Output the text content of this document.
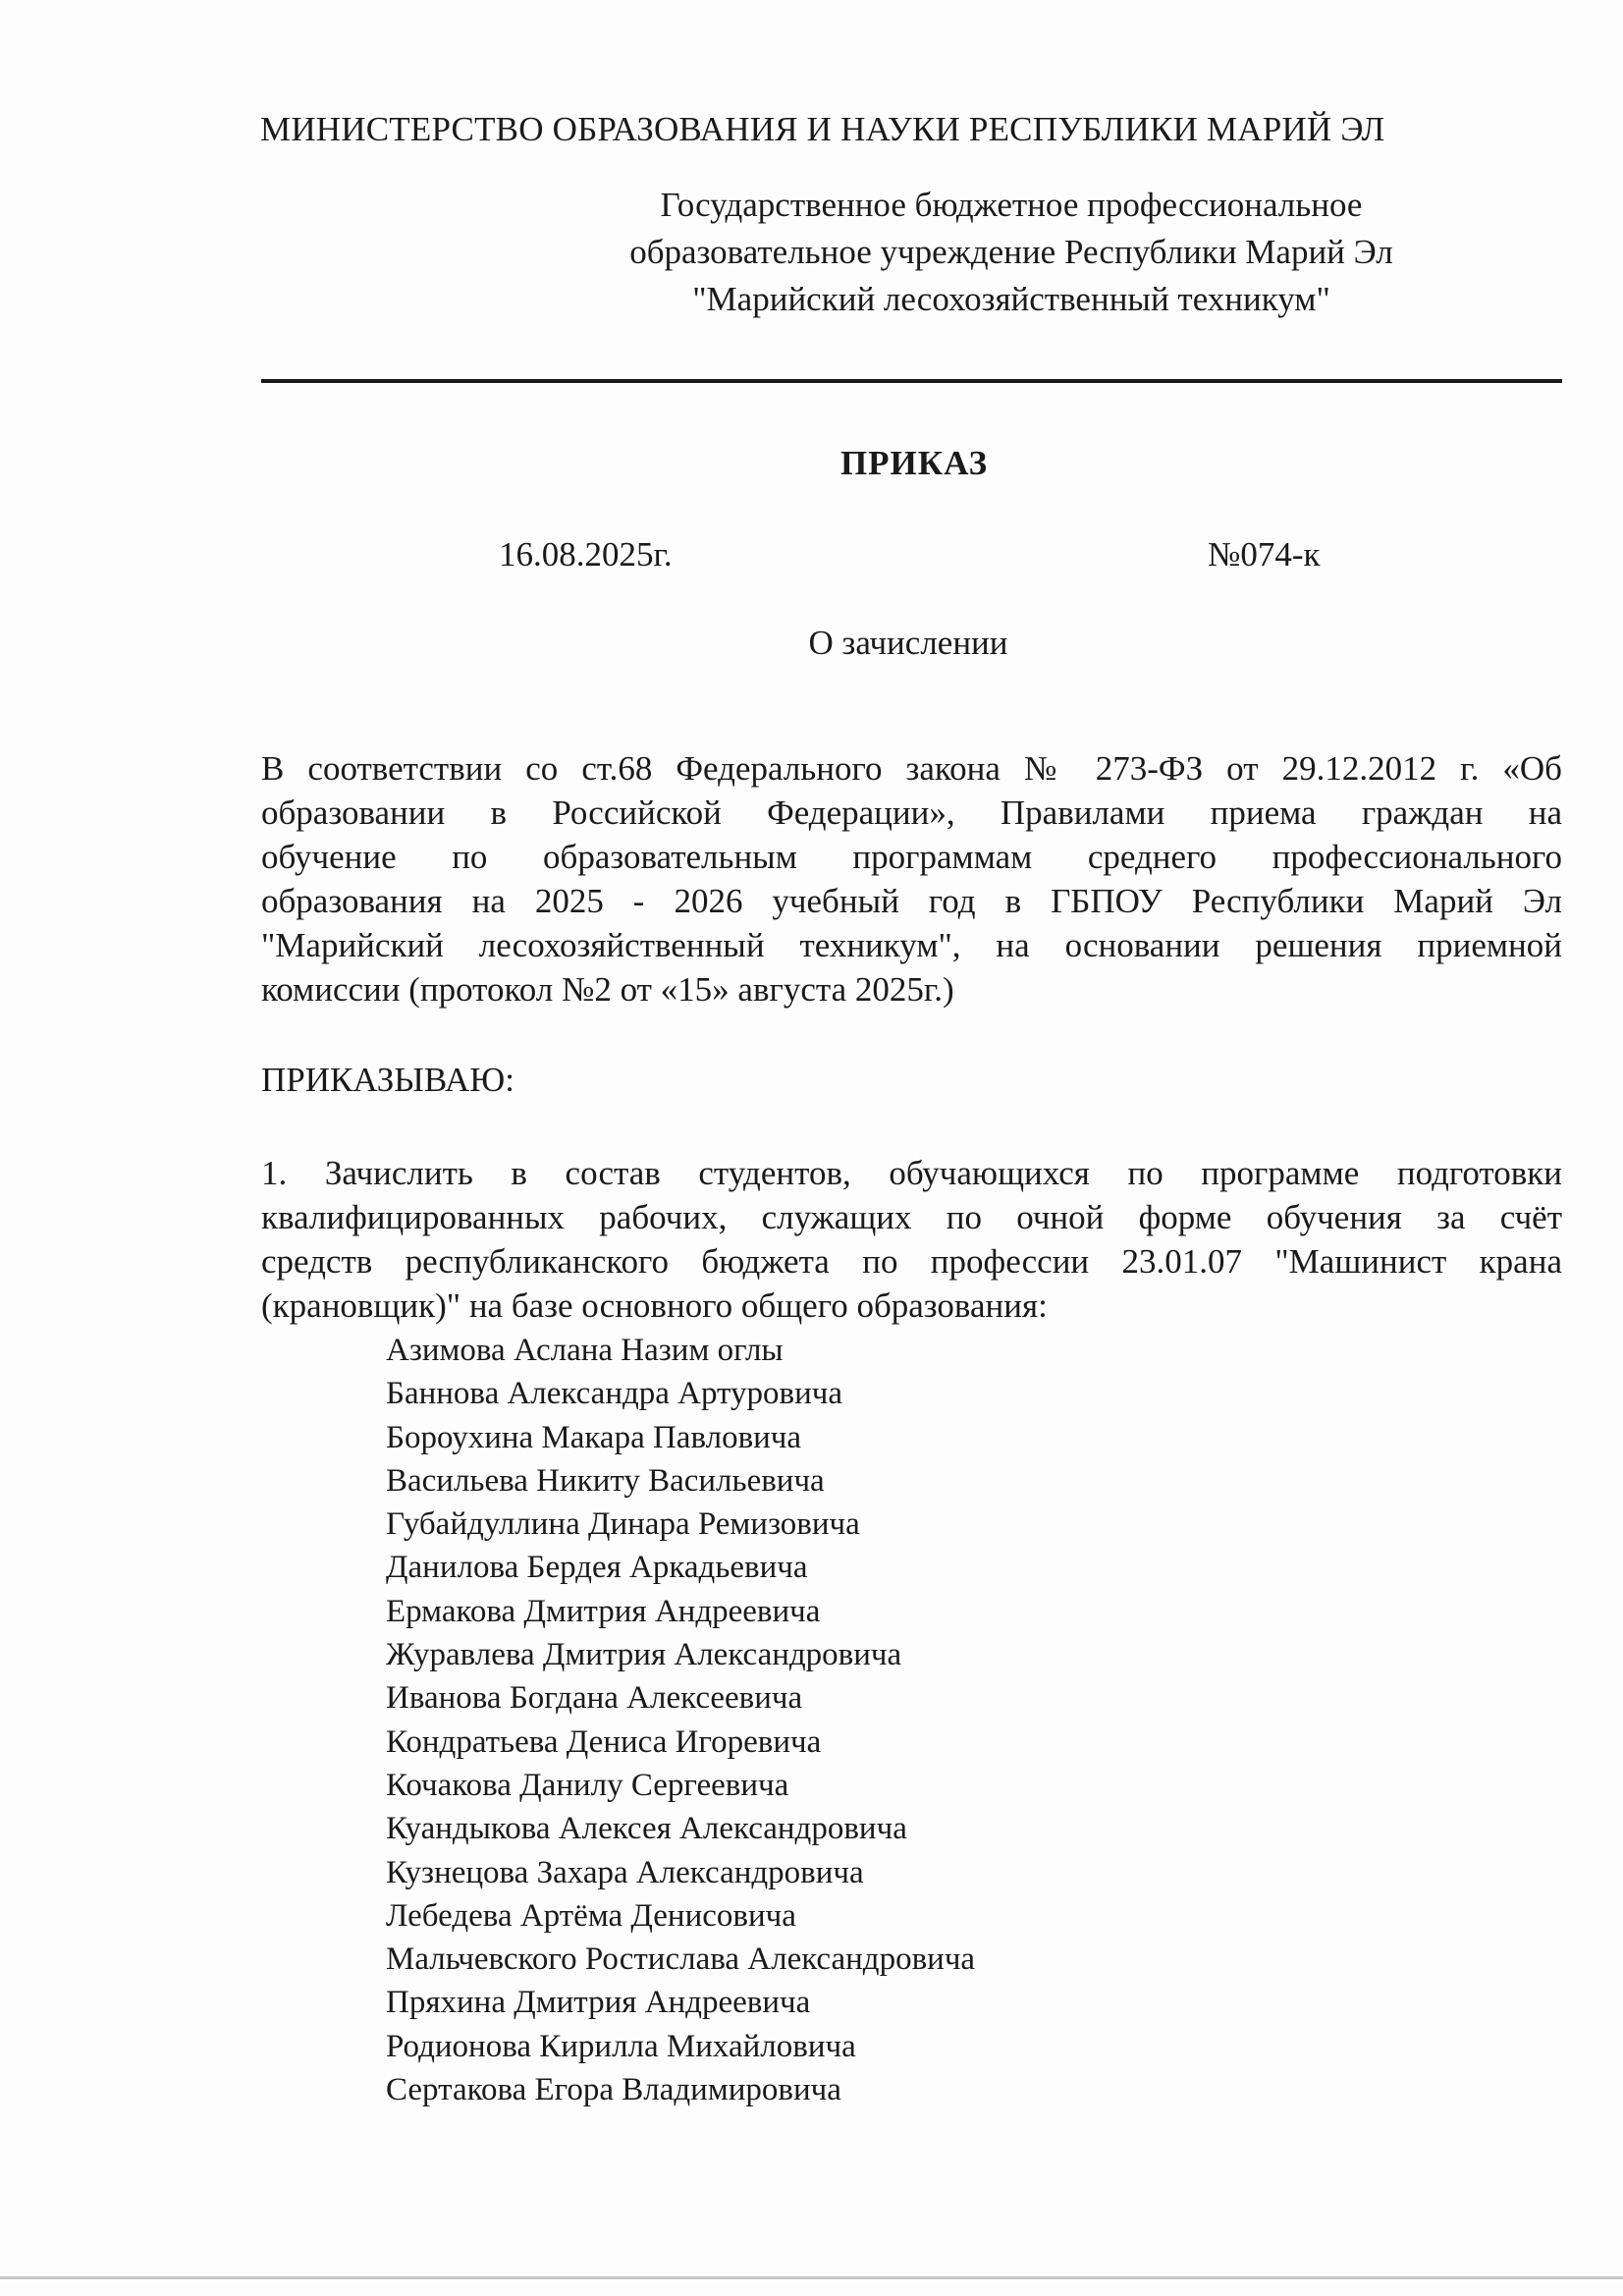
МИНИСТЕРСТВО ОБРАЗОВАНИЯ И НАУКИ РЕСПУБЛИКИ МАРИЙ ЭЛ
Государственное бюджетное профессиональное
образовательное учреждение Республики Марий Эл
"Марийский лесохозяйственный техникум"
ПРИКАЗ
16.08.2025г.	№074-к
О зачислении
В соответствии со ст.68 Федерального закона № 273-ФЗ от 29.12.2012 г. «Об
образовании в Российской Федерации», Правилами приема граждан на
обучение по образовательным программам среднего профессионального
образования на 2025 - 2026 учебный год в ГБПОУ Республики Марий Эл
"Марийский лесохозяйственный техникум", на основании решения приемной
комиссии (протокол №2 от «15» августа 2025г.)
ПРИКАЗЫВАЮ:
1. Зачислить в состав студентов, обучающихся по программе подготовки
квалифицированных рабочих, служащих по очной форме обучения за счёт
средств республиканского бюджета по профессии 23.01.07 "Машинист крана
(крановщик)" на базе основного общего образования:
Азимова Аслана Назим оглы
Баннова Александра Артуровича
Бороухина Макара Павловича
Васильева Никиту Васильевича
Губайдуллина Динара Ремизовича
Данилова Бердея Аркадьевича
Ермакова Дмитрия Андреевича
Журавлева Дмитрия Александровича
Иванова Богдана Алексеевича
Кондратьева Дениса Игоревича
Кочакова Данилу Сергеевича
Куандыкова Алексея Александровича
Кузнецова Захара Александровича
Лебедева Артёма Денисовича
Мальчевского Ростислава Александровича
Пряхина Дмитрия Андреевича
Родионова Кирилла Михайловича
Сертакова Егора Владимировича
